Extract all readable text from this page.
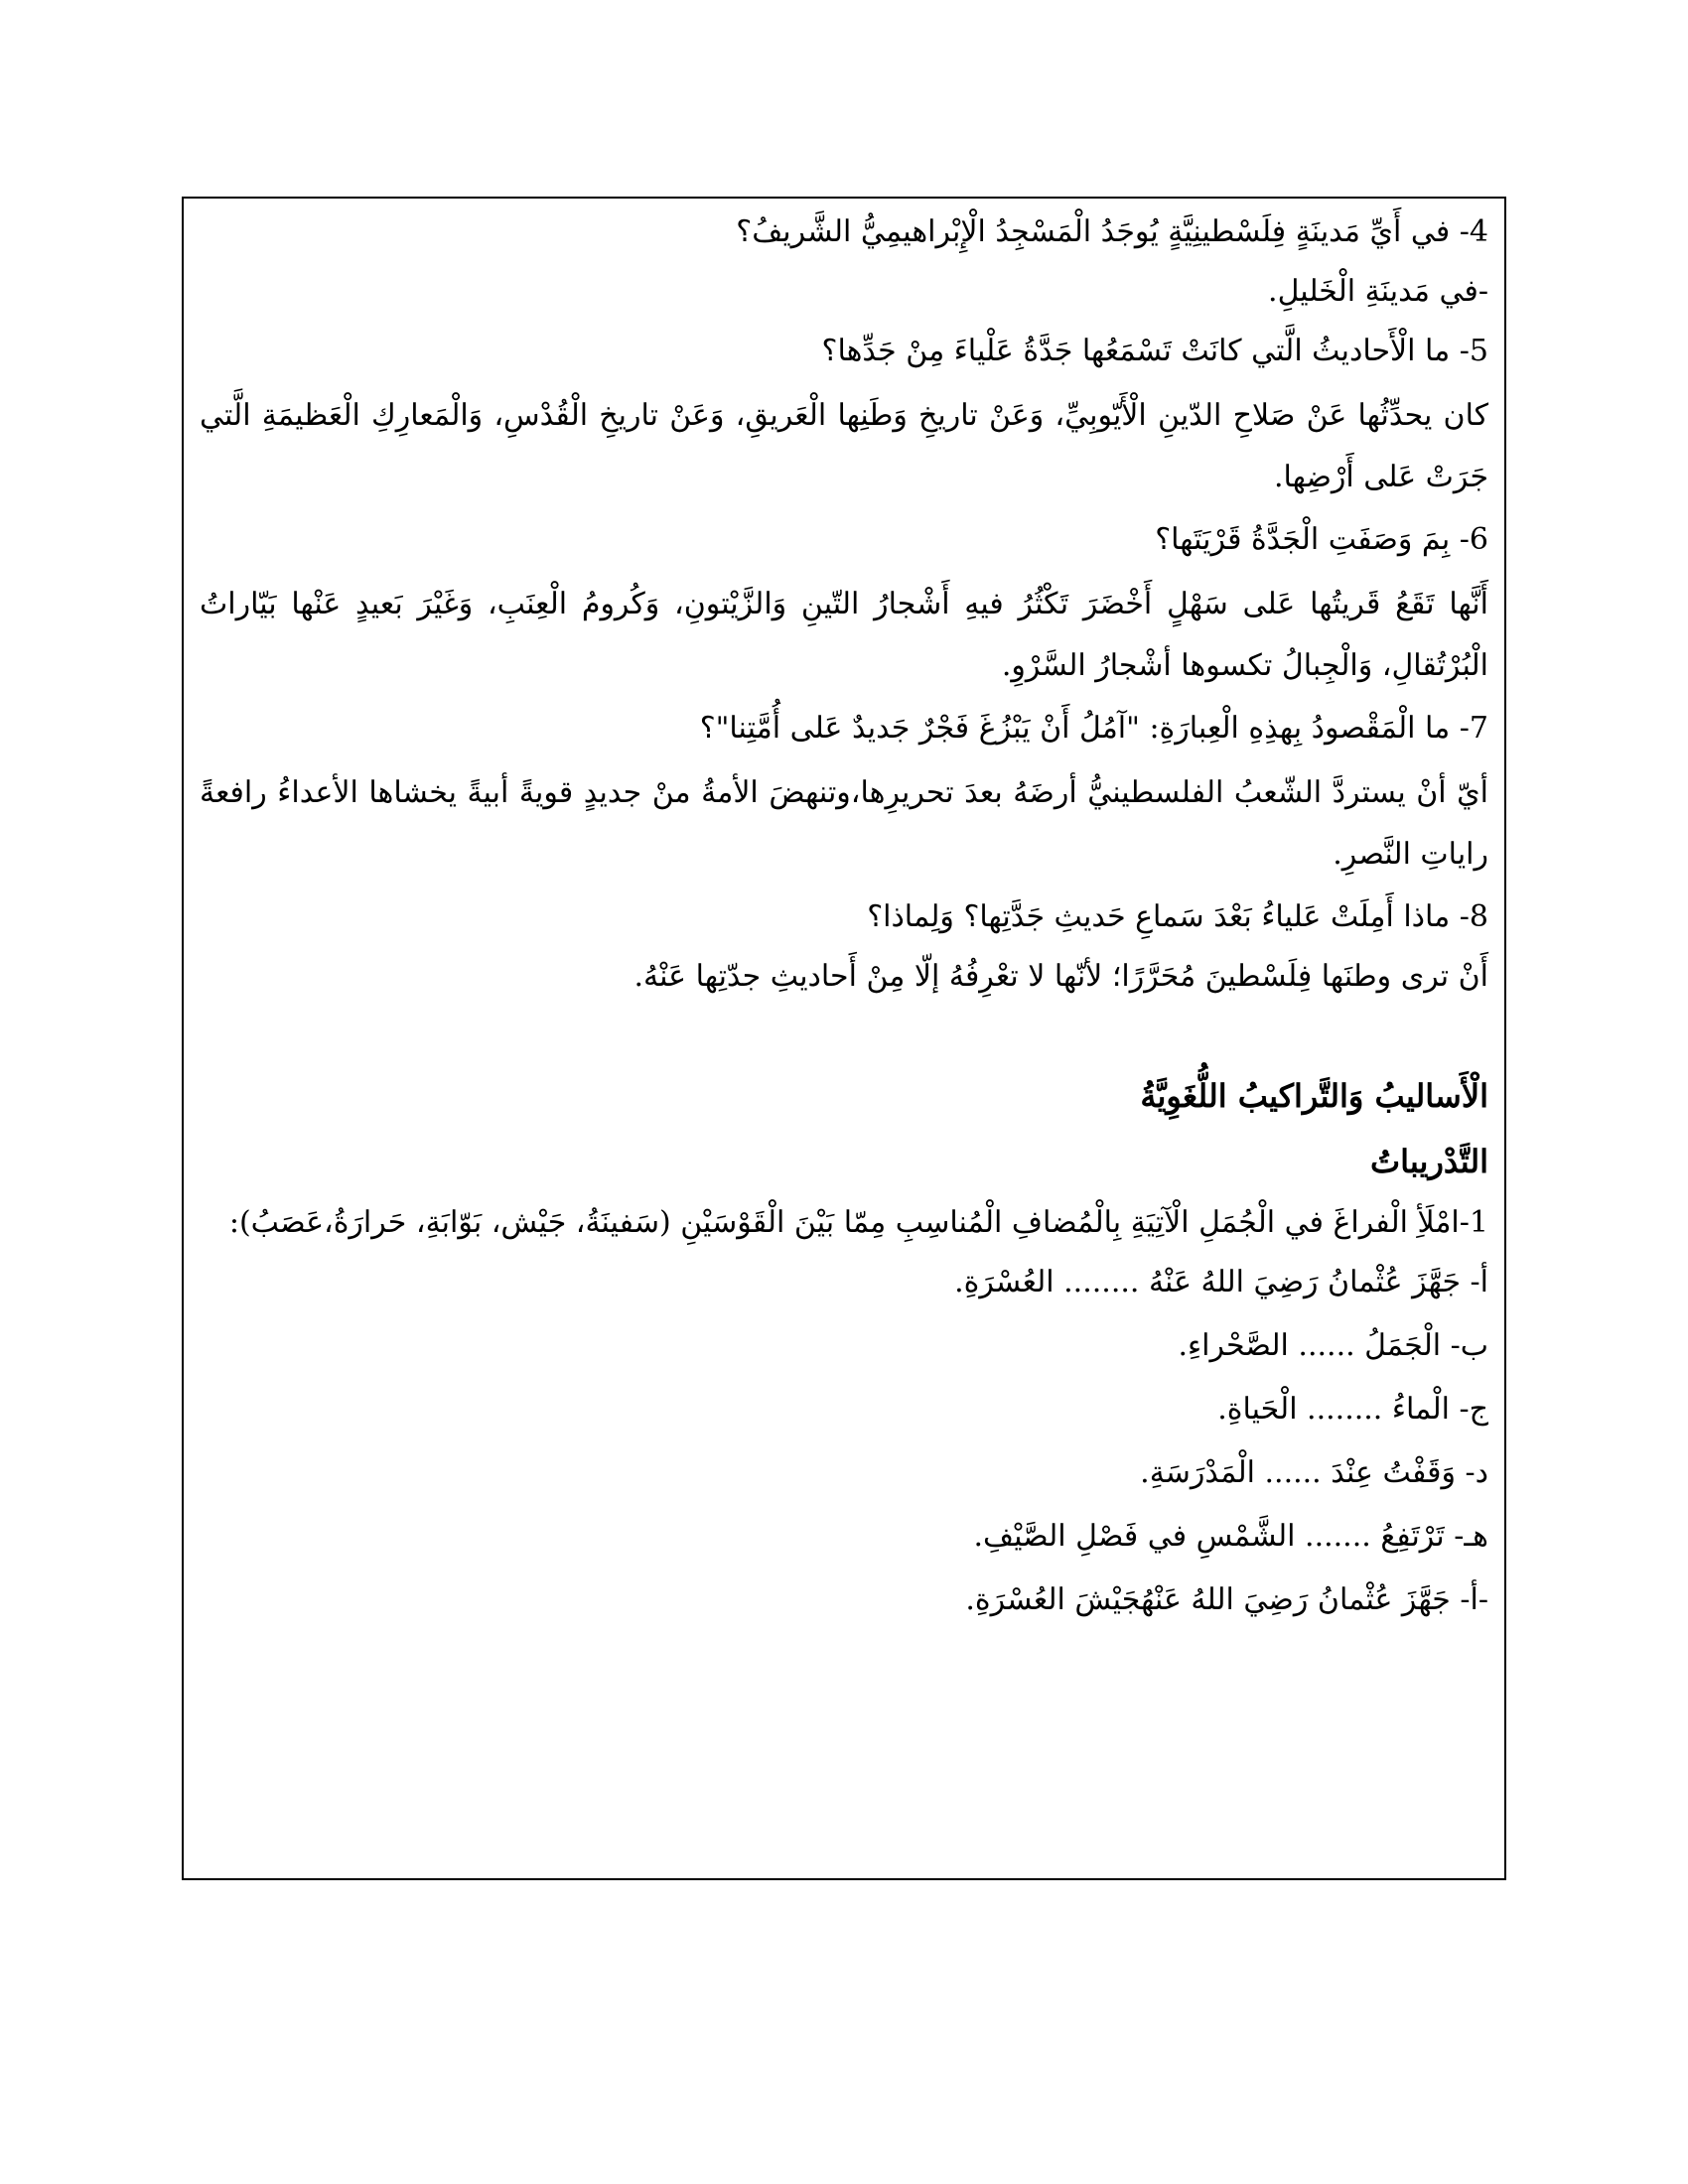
4- في أَيِّ مَدينَةٍ فِلَسْطينِيَّةٍ يُوجَدُ الْمَسْجِدُ الْإِبْراهيمِيُّ الشَّريفُ؟
-في مَدينَةِ الْخَليلِ.
5- ما الْأَحاديثُ الَّتي كانَتْ تَسْمَعُها جَدَّةُ عَلْياءَ مِنْ جَدِّها؟
كان يحدِّثُها عَنْ صَلاحِ الدّينِ الْأَيّوبِيِّ، وَعَنْ تاريخِ وَطَنِها الْعَريقِ، وَعَنْ تاريخِ الْقُدْسِ، وَالْمَعارِكِ الْعَظيمَةِ الَّتي جَرَتْ عَلى أَرْضِها.
6- بِمَ وَصَفَتِ الْجَدَّةُ قَرْيَتَها؟
أَنَّها تَقَعُ قَريتُها عَلى سَهْلٍ أَخْضَرَ تَكْثُرُ فيهِ أَشْجارُ التّينِ وَالزَّيْتونِ، وَكُرومُ الْعِنَبِ، وَغَيْرَ بَعيدٍ عَنْها بَيّاراتُ الْبُرْتُقالِ، وَالْجِبالُ تكسوها أشْجارُ السَّرْوِ.
7- ما الْمَقْصودُ بِهذِهِ الْعِبارَةِ: "آمُلُ أَنْ يَبْزُغَ فَجْرٌ جَديدٌ عَلى أُمَّتِنا"؟
أيّ أنْ يستردَّ الشّعبُ الفلسطينيُّ أرضَهُ بعدَ تحريرِها،وتنهضَ الأمةُ منْ جديدٍ قويةً أبيةً يخشاها الأعداءُ رافعةً راياتِ النَّصرِ.
8- ماذا أَمِلَتْ عَلياءُ بَعْدَ سَماعِ حَديثِ جَدَّتِها؟ وَلِماذا؟
أَنْ ترى وطنَها فِلَسْطينَ مُحَرَّرًا؛ لأنّها لا تعْرِفُهُ إلّا مِنْ أَحاديثِ جدّتِها عَنْهُ.
الْأَساليبُ وَالتَّراكيبُ اللُّغَوِيَّةُ
التَّدْريباتُ
1-امْلَأِ الْفراغَ في الْجُمَلِ الْآتِيَةِ بِالْمُضافِ الْمُناسِبِ مِمّا بَيْنَ الْقَوْسَيْنِ (سَفينَةُ، جَيْش، بَوّابَةِ، حَرارَةُ،عَصَبُ):
أ- جَهَّزَ عُثْمانُ رَضِيَ اللهُ عَنْهُ ........ العُسْرَةِ.
ب- الْجَمَلُ ...... الصَّحْراءِ.
ج- الْماءُ ........ الْحَياةِ.
د- وَقَفْتُ عِنْدَ ...... الْمَدْرَسَةِ.
هـ- تَرْتَفِعُ ....... الشَّمْسِ في فَصْلِ الصَّيْفِ.
-أ- جَهَّزَ عُثْمانُ رَضِيَ اللهُ عَنْهُجَيْشَ العُسْرَةِ.
